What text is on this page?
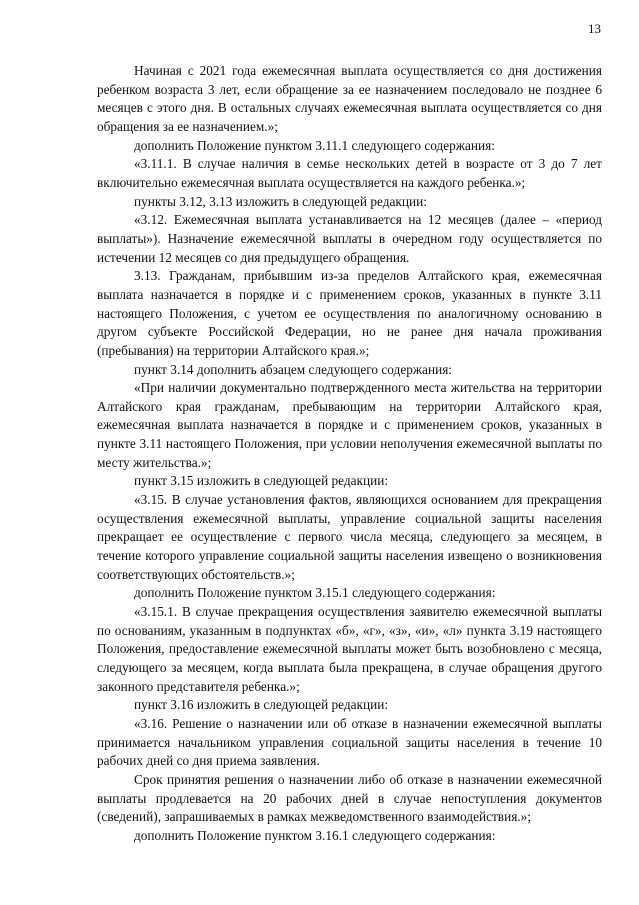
13

Начиная с 2021 года ежемесячная выплата осуществляется со дня достижения ребенком возраста 3 лет, если обращение за ее назначением последовало не позднее 6 месяцев с этого дня. В остальных случаях ежемесячная выплата осуществляется со дня обращения за ее назначением.»;

дополнить Положение пунктом 3.11.1 следующего содержания:

«3.11.1. В случае наличия в семье нескольких детей в возрасте от 3 до 7 лет включительно ежемесячная выплата осуществляется на каждого ребенка.»;

пункты 3.12, 3.13 изложить в следующей редакции:

«3.12. Ежемесячная выплата устанавливается на 12 месяцев (далее – «период выплаты»). Назначение ежемесячной выплаты в очередном году осуществляется по истечении 12 месяцев со дня предыдущего обращения.

3.13. Гражданам, прибывшим из-за пределов Алтайского края, ежемесячная выплата назначается в порядке и с применением сроков, указанных в пункте 3.11 настоящего Положения, с учетом ее осуществления по аналогичному основанию в другом субъекте Российской Федерации, но не ранее дня начала проживания (пребывания) на территории Алтайского края.»;

пункт 3.14 дополнить абзацем следующего содержания:

«При наличии документально подтвержденного места жительства на территории Алтайского края гражданам, пребывающим на территории Алтайского края, ежемесячная выплата назначается в порядке и с применением сроков, указанных в пункте 3.11 настоящего Положения, при условии неполучения ежемесячной выплаты по месту жительства.»;

пункт 3.15 изложить в следующей редакции:

«3.15. В случае установления фактов, являющихся основанием для прекращения осуществления ежемесячной выплаты, управление социальной защиты населения прекращает ее осуществление с первого числа месяца, следующего за месяцем, в течение которого управление социальной защиты населения извещено о возникновения соответствующих обстоятельств.»;

дополнить Положение пунктом 3.15.1 следующего содержания:

«3.15.1. В случае прекращения осуществления заявителю ежемесячной выплаты по основаниям, указанным в подпунктах «б», «г», «з», «и», «л» пункта 3.19 настоящего Положения, предоставление ежемесячной выплаты может быть возобновлено с месяца, следующего за месяцем, когда выплата была прекращена, в случае обращения другого законного представителя ребенка.»;

пункт 3.16 изложить в следующей редакции:

«3.16. Решение о назначении или об отказе в назначении ежемесячной выплаты принимается начальником управления социальной защиты населения в течение 10 рабочих дней со дня приема заявления.

Срок принятия решения о назначении либо об отказе в назначении ежемесячной выплаты продлевается на 20 рабочих дней в случае непоступления документов (сведений), запрашиваемых в рамках межведомственного взаимодействия.»;

дополнить Положение пунктом 3.16.1 следующего содержания:
